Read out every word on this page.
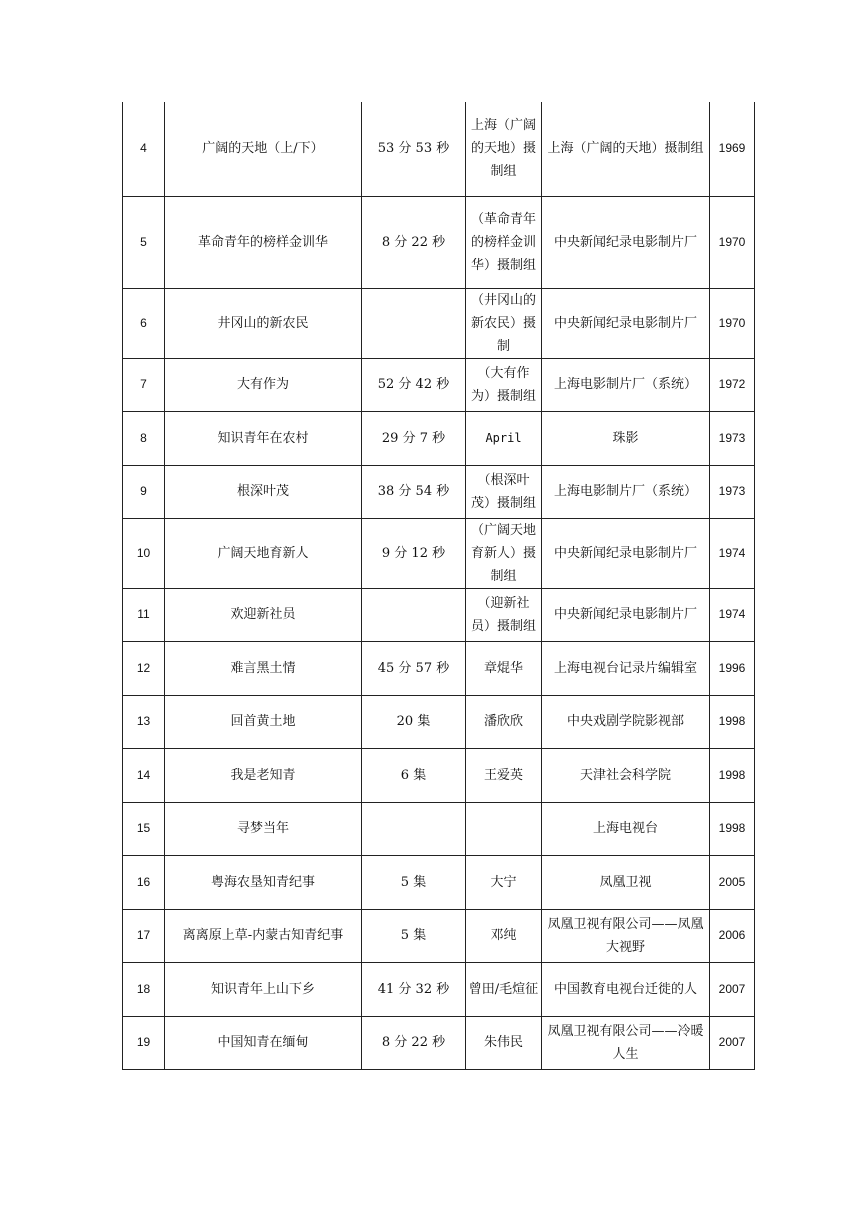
4	广阔的天地（上/下）	53 分 53 秒	上海（广阔的天地）摄制组	上海（广阔的天地）摄制组	1969
5	革命青年的榜样金训华	8 分 22 秒	（革命青年的榜样金训华）摄制组	中央新闻纪录电影制片厂	1970
6	井冈山的新农民		（井冈山的新农民）摄制	中央新闻纪录电影制片厂	1970
7	大有作为	52 分 42 秒	（大有作为）摄制组	上海电影制片厂（系统）	1972
8	知识青年在农村	29 分 7 秒	April	珠影	1973
9	根深叶茂	38 分 54 秒	（根深叶茂）摄制组	上海电影制片厂（系统）	1973
10	广阔天地育新人	9 分 12 秒	（广阔天地育新人）摄制组	中央新闻纪录电影制片厂	1974
11	欢迎新社员		（迎新社员）摄制组	中央新闻纪录电影制片厂	1974
12	难言黑土情	45 分 57 秒	章焜华	上海电视台记录片编辑室	1996
13	回首黄土地	20 集	潘欣欣	中央戏剧学院影视部	1998
14	我是老知青	6 集	王爱英	天津社会科学院	1998
15	寻梦当年			上海电视台	1998
16	粤海农垦知青纪事	5 集	大宁	凤凰卫视	2005
17	离离原上草-内蒙古知青纪事	5 集	邓纯	凤凰卫视有限公司——凤凰大视野	2006
18	知识青年上山下乡	41 分 32 秒	曾田/毛煊征	中国教育电视台迁徙的人	2007
19	中国知青在缅甸	8 分 22 秒	朱伟民	凤凰卫视有限公司——冷暖人生	2007
